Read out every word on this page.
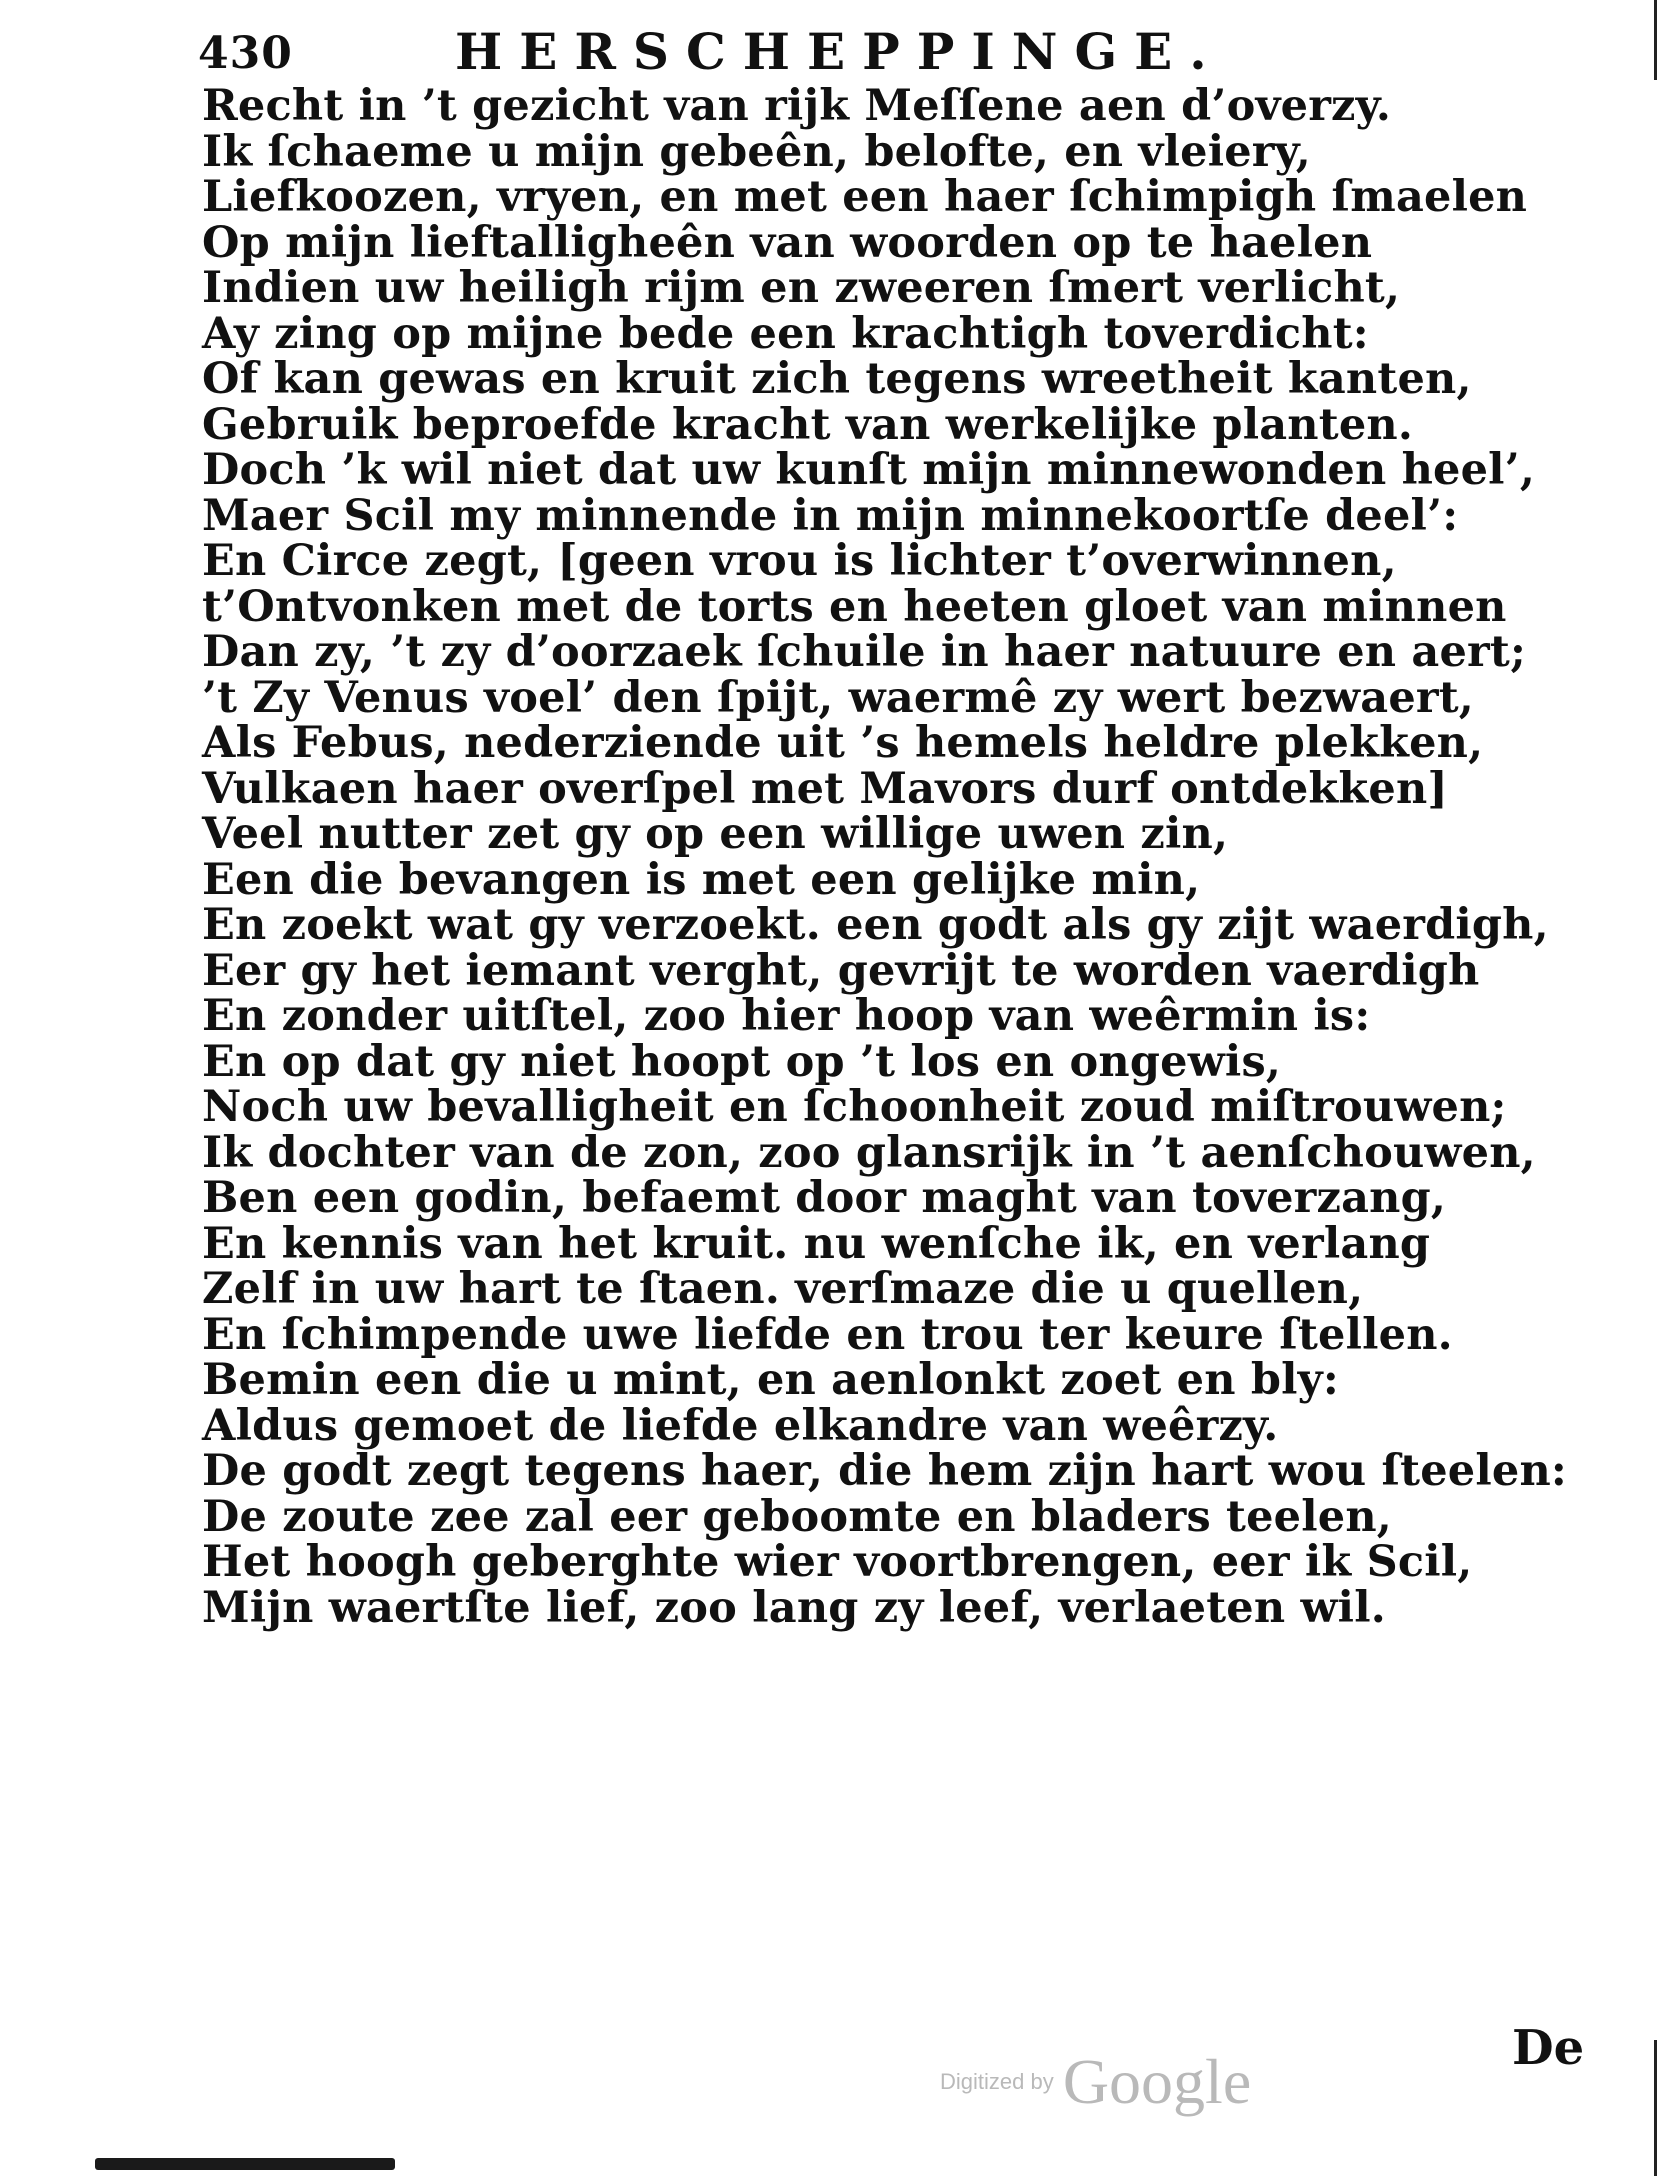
430	HERSCHEPPINGE.
Recht in ’t gezicht van rijk Meſſene aen d’overzy.
Ik ſchaeme u mijn gebeên, belofte, en vleiery,
Liefkoozen, vryen, en met een haer ſchimpigh ſmaelen
Op mijn lieftalligheên van woorden op te haelen
Indien uw heiligh rijm en zweeren ſmert verlicht,
Ay zing op mijne bede een krachtigh toverdicht:
Of kan gewas en kruit zich tegens wreetheit kanten,
Gebruik beproefde kracht van werkelijke planten.
Doch ’k wil niet dat uw kunſt mijn minnewonden heel’,
Maer Scil my minnende in mijn minnekoortſe deel’:
En Circe zegt, [geen vrou is lichter t’overwinnen,
t’Ontvonken met de torts en heeten gloet van minnen
Dan zy, ’t zy d’oorzaek ſchuile in haer natuure en aert;
’t Zy Venus voel’ den ſpijt, waermê zy wert bezwaert,
Als Febus, nederziende uit ’s hemels heldre plekken,
Vulkaen haer overſpel met Mavors durf ontdekken]
Veel nutter zet gy op een willige uwen zin,
Een die bevangen is met een gelijke min,
En zoekt wat gy verzoekt. een godt als gy zijt waerdigh,
Eer gy het iemant verght, gevrijt te worden vaerdigh
En zonder uitſtel, zoo hier hoop van weêrmin is:
En op dat gy niet hoopt op ’t los en ongewis,
Noch uw bevalligheit en ſchoonheit zoud miſtrouwen;
Ik dochter van de zon, zoo glansrijk in ’t aenſchouwen,
Ben een godin, befaemt door maght van toverzang,
En kennis van het kruit. nu wenſche ik, en verlang
Zelf in uw hart te ſtaen. verſmaze die u quellen,
En ſchimpende uwe liefde en trou ter keure ſtellen.
Bemin een die u mint, en aenlonkt zoet en bly:
Aldus gemoet de liefde elkandre van weêrzy.
De godt zegt tegens haer, die hem zijn hart wou ſteelen:
De zoute zee zal eer geboomte en bladers teelen,
Het hoogh geberghte wier voortbrengen, eer ik Scil,
Mijn waertſte lief, zoo lang zy leef, verlaeten wil.
De
Digitized by Google
